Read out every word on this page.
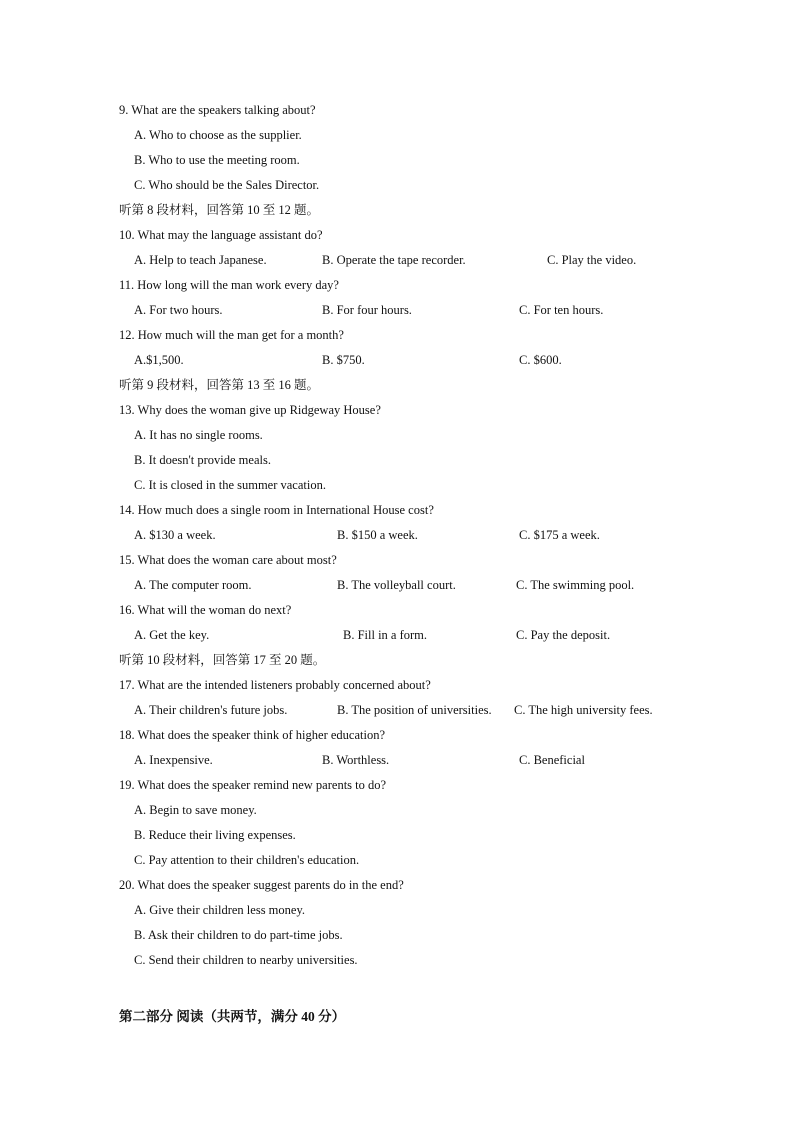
9. What are the speakers talking about?
A. Who to choose as the supplier.
B. Who to use the meeting room.
C. Who should be the Sales Director.
听第 8 段材料，回答第 10 至 12 题。
10. What may the language assistant do?
A. Help to teach Japanese.	B. Operate the tape recorder.	C. Play the video.
11. How long will the man work every day?
A. For two hours.	B. For four hours.	C. For ten hours.
12. How much will the man get for a month?
A.$1,500.	B. $750.	C. $600.
听第 9 段材料，回答第 13 至 16 题。
13. Why does the woman give up Ridgeway House?
A. It has no single rooms.
B. It doesn't provide meals.
C. It is closed in the summer vacation.
14. How much does a single room in International House cost?
A. $130 a week.	B. $150 a week.	C. $175 a week.
15. What does the woman care about most?
A. The computer room.	B. The volleyball court.	C. The swimming pool.
16. What will the woman do next?
A. Get the key.	B. Fill in a form.	C. Pay the deposit.
听第 10 段材料，回答第 17 至 20 题。
17. What are the intended listeners probably concerned about?
A. Their children's future jobs.	B. The position of universities. C. The high university fees.
18. What does the speaker think of higher education?
A. Inexpensive.	B. Worthless.	C. Beneficial
19. What does the speaker remind new parents to do?
A. Begin to save money.
B. Reduce their living expenses.
C. Pay attention to their children's education.
20. What does the speaker suggest parents do in the end?
A. Give their children less money.
B. Ask their children to do part-time jobs.
C. Send their children to nearby universities.
第二部分 阅读（共两节，满分 40 分）
